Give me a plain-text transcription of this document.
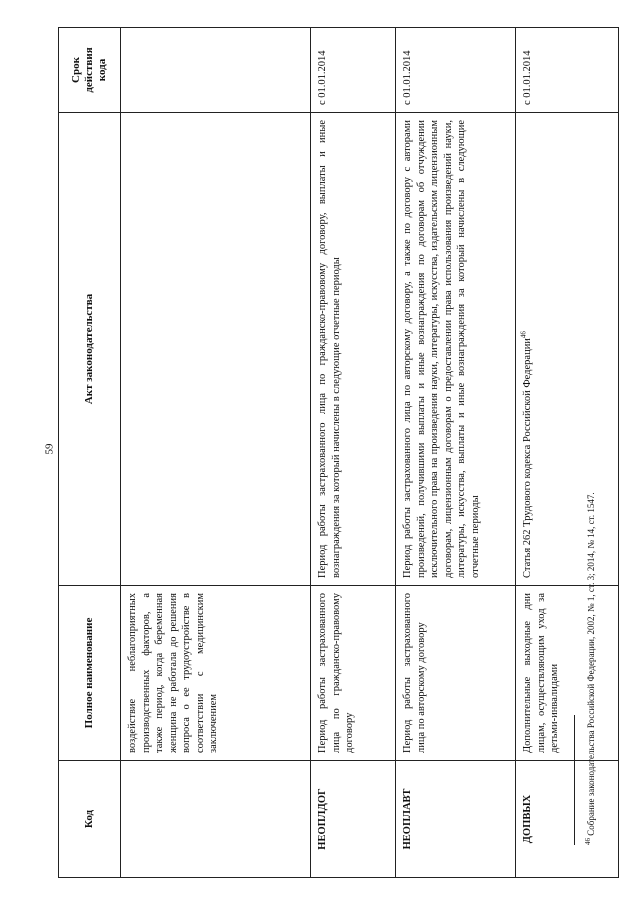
59
Код	Полное наименование	Акт законодательства	Срок действия кода
	воздействие неблагоприятных производственных факторов, а также период, когда беременная женщина не работала до решения вопроса о ее трудоустройстве в соответствии с медицинским заключением		
НЕОПЛДОГ	Период работы застрахованного лица по гражданско-правовому договору	Период работы застрахованного лица по гражданско-правовому договору, выплаты и иные вознаграждения за который начислены в следующие отчетные периоды	с 01.01.2014
НЕОПЛАВТ	Период работы застрахованного лица по авторскому договору	Период работы застрахованного лица по авторскому договору, а также по договору с авторами произведений, получившими выплаты и иные вознаграждения по договорам об отчуждении исключительного права на произведения науки, литературы, искусства, издательским лицензионным договорам, лицензионным договорам о предоставлении права использования произведений науки, литературы, искусства, выплаты и иные вознаграждения за который начислены в следующие отчетные периоды	с 01.01.2014
ДОПВЫХ	Дополнительные выходные дни лицам, осуществляющим уход за детьми-инвалидами	Статья 262 Трудового кодекса Российской Федерации$^{46}$	с 01.01.2014
$^{46}$ Собрание законодательства Российской Федерации, 2002, № 1, ст. 3; 2014, № 14, ст. 1547.
